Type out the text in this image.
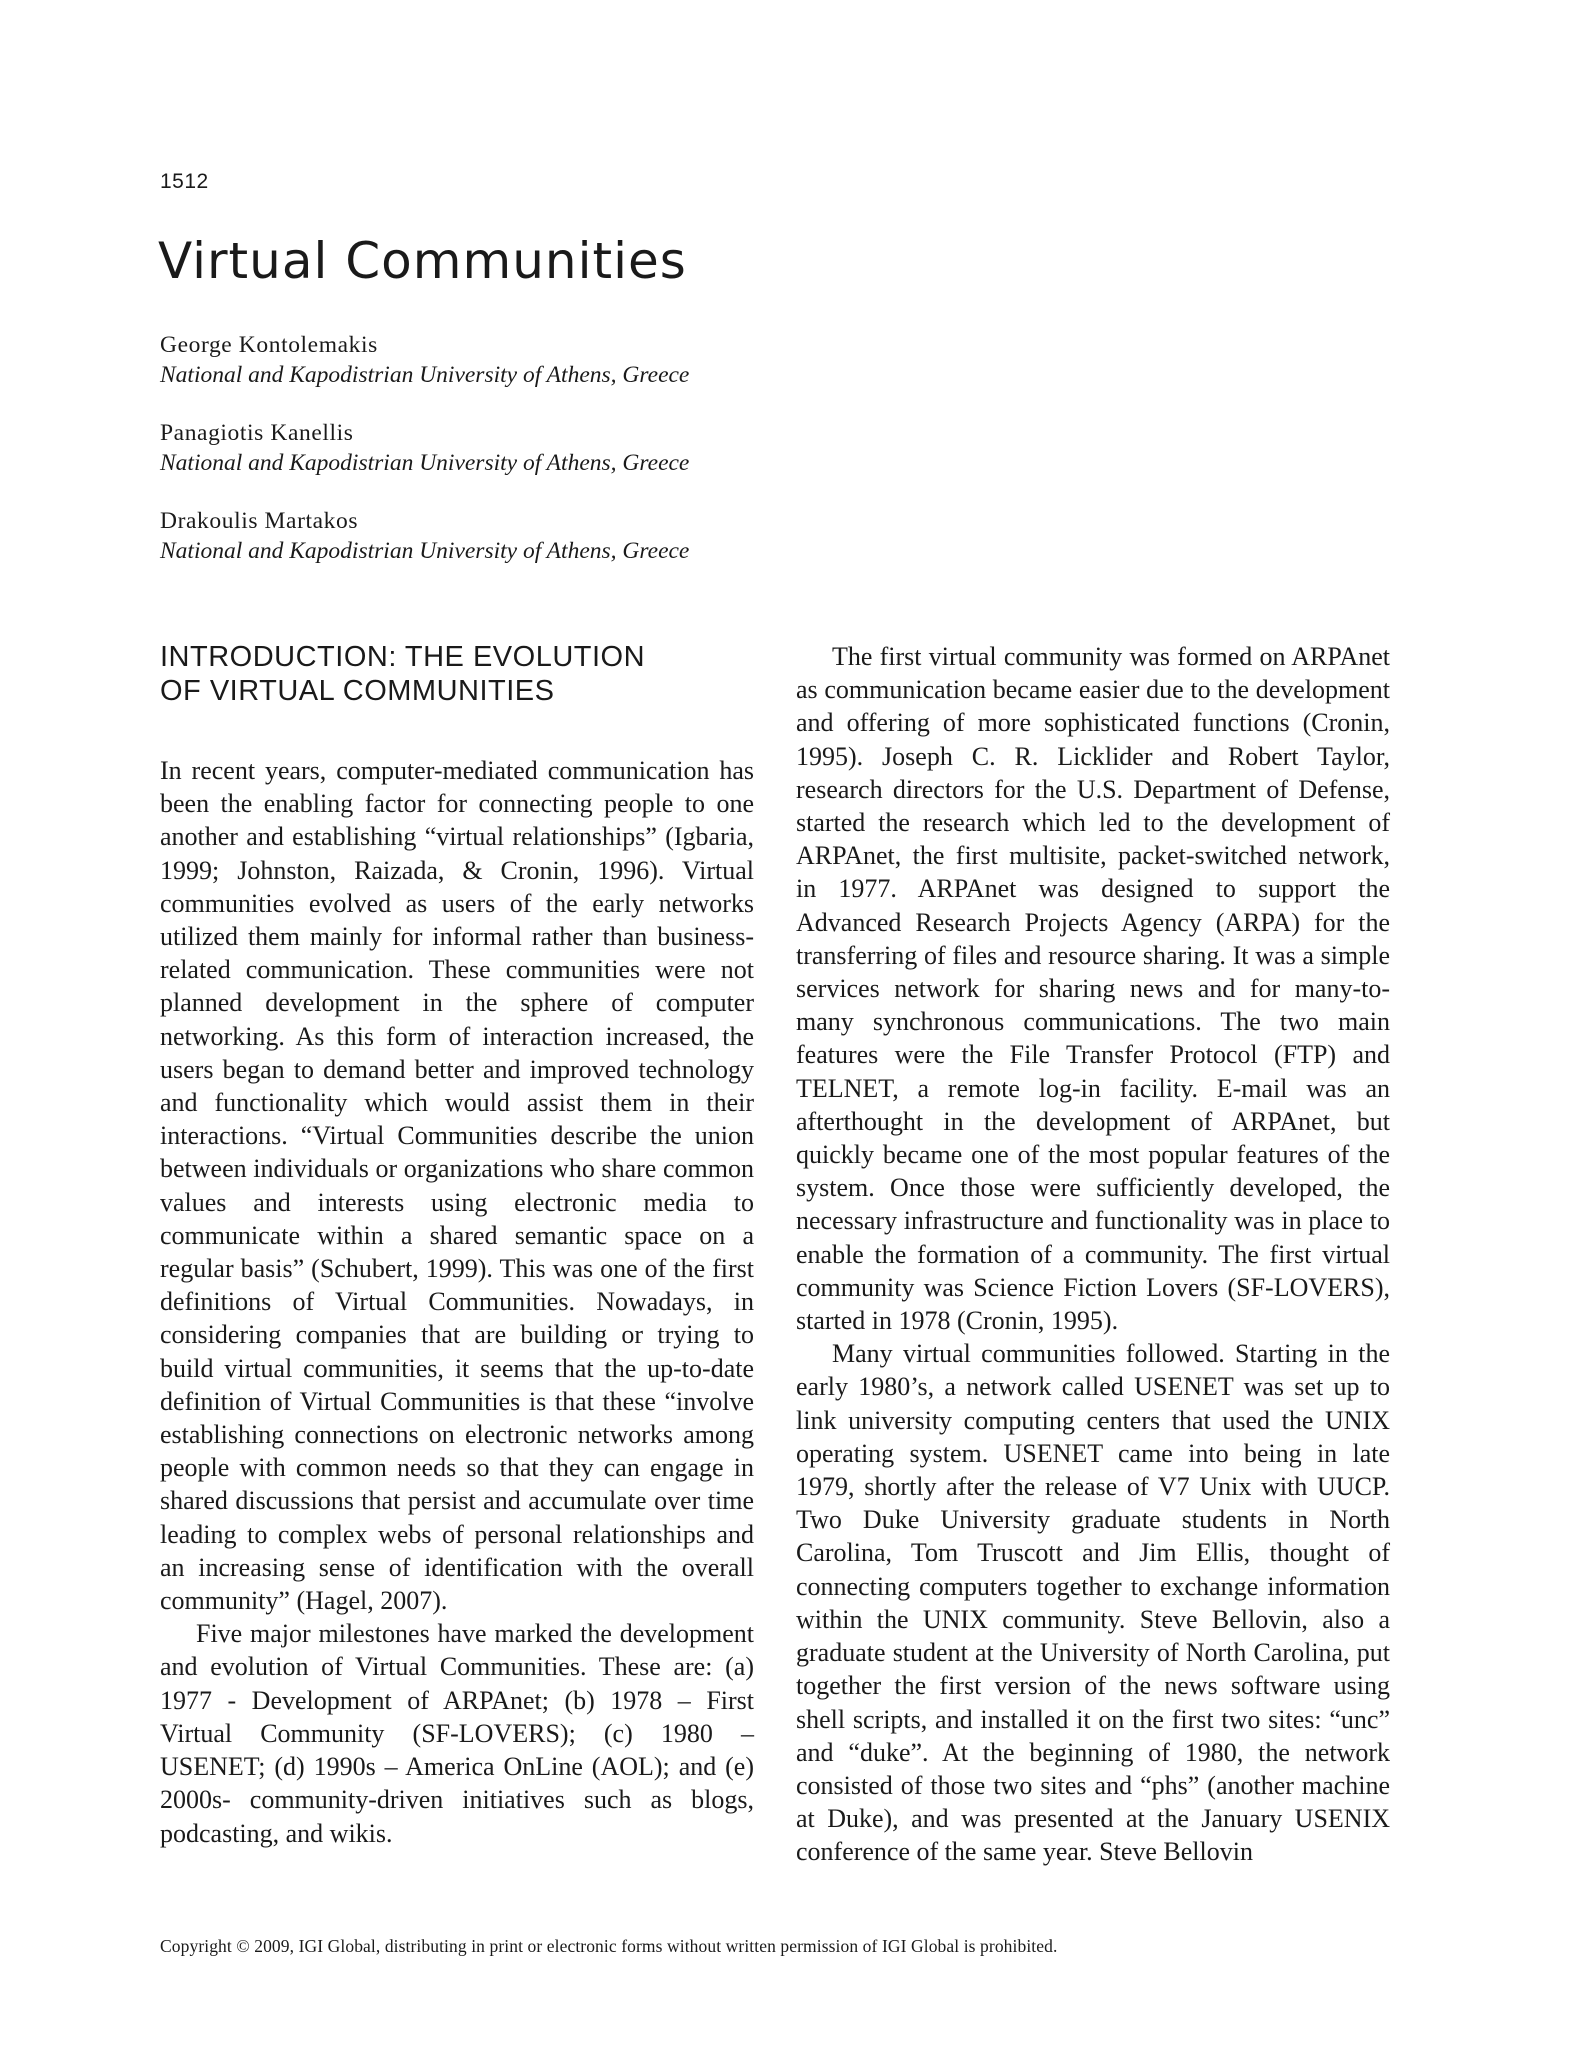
1512
Virtual Communities
George Kontolemakis
National and Kapodistrian University of Athens, Greece
Panagiotis Kanellis
National and Kapodistrian University of Athens, Greece
Drakoulis Martakos
National and Kapodistrian University of Athens, Greece
INTRODUCTION: THE EVOLUTION
OF VIRTUAL COMMUNITIES

In recent years, computer-mediated communication has been the enabling factor for connecting people to one another and establishing “virtual relationships” (Igbaria, 1999; Johnston, Raizada, & Cronin, 1996). Virtual communities evolved as users of the early networks utilized them mainly for informal rather than business-related communication. These communities were not planned development in the sphere of computer networking. As this form of interaction increased, the users began to demand better and improved technology and functionality which would assist them in their interactions. “Virtual Communities describe the union between individuals or organizations who share common values and interests using electronic media to communicate within a shared semantic space on a regular basis” (Schubert, 1999). This was one of the first definitions of Virtual Communities. Nowadays, in considering companies that are building or trying to build virtual communities, it seems that the up-to-date definition of Virtual Communities is that these “involve establishing connections on electronic networks among people with common needs so that they can engage in shared discussions that persist and accumulate over time leading to complex webs of personal relationships and an increasing sense of identification with the overall community” (Hagel, 2007).

Five major milestones have marked the development and evolution of Virtual Communities. These are: (a) 1977 - Development of ARPAnet; (b) 1978 – First Virtual Community (SF-LOVERS); (c) 1980 – USENET; (d) 1990s – America OnLine (AOL); and (e) 2000s- community-driven initiatives such as blogs, podcasting, and wikis.

The first virtual community was formed on ARPAnet as communication became easier due to the development and offering of more sophisticated functions (Cronin, 1995). Joseph C. R. Licklider and Robert Taylor, research directors for the U.S. Department of Defense, started the research which led to the development of ARPAnet, the first multisite, packet-switched network, in 1977. ARPAnet was designed to support the Advanced Research Projects Agency (ARPA) for the transferring of files and resource sharing. It was a simple services network for sharing news and for many-to-many synchronous communications. The two main features were the File Transfer Protocol (FTP) and TELNET, a remote log-in facility. E-mail was an afterthought in the development of ARPAnet, but quickly became one of the most popular features of the system. Once those were sufficiently developed, the necessary infrastructure and functionality was in place to enable the formation of a community. The first virtual community was Science Fiction Lovers (SF-LOVERS), started in 1978 (Cronin, 1995).

Many virtual communities followed. Starting in the early 1980’s, a network called USENET was set up to link university computing centers that used the UNIX operating system. USENET came into being in late 1979, shortly after the release of V7 Unix with UUCP. Two Duke University graduate students in North Carolina, Tom Truscott and Jim Ellis, thought of connecting computers together to exchange information within the UNIX community. Steve Bellovin, also a graduate student at the University of North Carolina, put together the first version of the news software using shell scripts, and installed it on the first two sites: “unc” and “duke”. At the beginning of 1980, the network consisted of those two sites and “phs” (another machine at Duke), and was presented at the January USENIX conference of the same year. Steve Bellovin

Copyright © 2009, IGI Global, distributing in print or electronic forms without written permission of IGI Global is prohibited.
